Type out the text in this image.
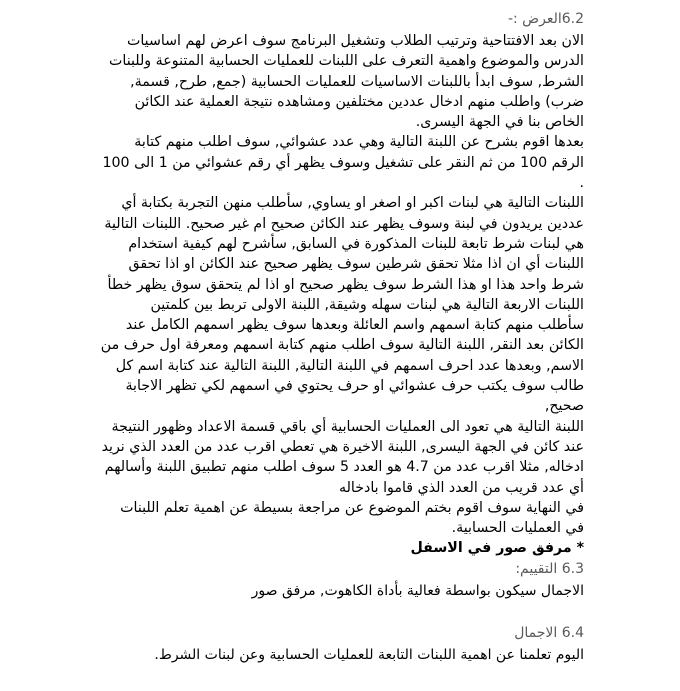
6.2العرض :-

الان بعد الافتتاحية وترتيب الطلاب وتشغيل البرنامج سوف اعرض لهم اساسيات الدرس والموضوع واهمية التعرف على اللبنات للعمليات الحسابية المتنوعة وللبنات الشرط, سوف ابدأ باللبنات الاساسيات للعمليات الحسابية (جمع, طرح, قسمة, ضرب) واطلب منهم ادخال عددين مختلفين ومشاهده نتيجة العملية عند الكائن الخاص بنا في الجهة اليسرى.

بعدها اقوم بشرح عن اللبنة التالية وهي عدد عشوائي, سوف اطلب منهم كتابة الرقم 100 من ثم النقر على تشغيل وسوف يظهر أي رقم عشوائي من 1 الى 100 .

اللبنات التالية هي لبنات اكبر او اصغر او يساوي, سأطلب منهن التجربة بكتابة أي عددين يريدون في لبنة وسوف يظهر عند الكائن صحيح ام غير صحيح. اللبنات التالية هي لبنات شرط تابعة للبنات المذكورة في السابق, سأشرح لهم كيفية استخدام اللبنات أي ان اذا مثلا تحقق شرطين سوف يظهر صحيح عند الكائن او اذا تحقق شرط واحد هذا او هذا الشرط سوف يظهر صحيح او اذا لم يتحقق سوق يظهر خطأ

اللبنات الاربعة التالية هي لبنات سهله وشيقة, اللبنة الاولى تربط بين كلمتين سأطلب منهم كتابة اسمهم واسم العائلة وبعدها سوف يظهر اسمهم الكامل عند الكائن بعد النقر, اللبنة التالية سوف اطلب منهم كتابة اسمهم ومعرفة اول حرف من الاسم, وبعدها عدد احرف اسمهم في اللبنة التالية, اللبنة التالية عند كتابة اسم كل طالب سوف يكتب حرف عشوائي او حرف يحتوي في اسمهم لكي تظهر الاجابة صحيح,

اللبنة التالية هي تعود الى العمليات الحسابية أي باقي قسمة الاعداد وظهور النتيجة عند كائن في الجهة اليسرى, اللبنة الاخيرة هي تعطي اقرب عدد من العدد الذي نريد ادخاله, مثلا اقرب عدد من 4.7 هو العدد 5 سوف اطلب منهم تطبيق اللبنة وأسالهم أي عدد قريب من العدد الذي قاموا بادخاله

في النهاية سوف اقوم بختم الموضوع عن مراجعة بسيطة عن اهمية تعلم اللبنات في العمليات الحسابية.

* مرفق صور في الاسفل

6.3 التقييم:
الاجمال سيكون بواسطة فعالية بأداة الكاهوت, مرفق صور
6.4 الاجمال
اليوم تعلمنا عن اهمية اللبنات التابعة للعمليات الحسابية وعن لبنات الشرط.
